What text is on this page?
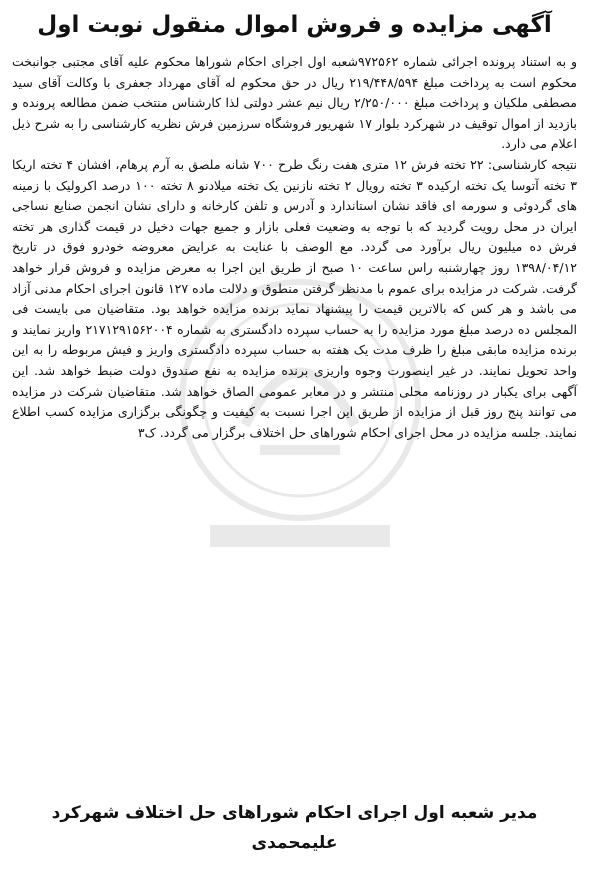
آگهی مزایده و فروش اموال منقول نوبت اول

و به استناد پرونده اجرائی شماره ۹۷۲۵۶۲شعبه اول اجرای احکام شوراها محکوم علیه آقای مجتبی جوانبخت محکوم است به پرداخت مبلغ ۲۱۹/۴۴۸/۵۹۴ ریال در حق محکوم له آقای مهرداد جعفری با وکالت آقای سید مصطفی ملکیان و پرداخت مبلغ ۲/۲۵۰/۰۰۰ ریال نیم عشر دولتی لذا کارشناس منتخب ضمن مطالعه پرونده و بازدید از اموال توقیف در شهرکرد بلوار ۱۷ شهریور فروشگاه سرزمین فرش نظریه کارشناسی را به شرح ذیل اعلام می دارد.

نتیجه کارشناسی: ۲۲ تخته فرش ۱۲ متری هفت رنگ طرح ۷۰۰ شانه ملصق به آرم پرهام، افشان ۴ تخته اریکا ۳ تخته آتوسا یک تخته ارکیده ۳ تخته رویال ۲ تخته نازنین یک تخته میلادنو ۸ تخته ۱۰۰ درصد اکرولیک با زمینه های گردوئی و سورمه ای فاقد نشان استاندارد و آدرس و تلفن کارخانه و دارای نشان انجمن صنایع نساجی ایران در محل رویت گردید که با توجه به وضعیت فعلی بازار و جمیع جهات دخیل در قیمت گذاری هر تخته فرش ده میلیون ریال برآورد می گردد. مع الوصف با عنایت به عرایض معروضه خودرو فوق در تاریخ ۱۳۹۸/۰۴/۱۲ روز چهارشنبه راس ساعت ۱۰ صبح از طریق این اجرا به معرض مزایده و فروش قرار خواهد گرفت. شرکت در مزایده برای عموم با مدنظر گرفتن منطوق و دلالت ماده ۱۲۷ قانون اجرای احکام مدنی آزاد می باشد و هر کس که بالاترین قیمت را پیشنهاد نماید برنده مزایده خواهد بود. متقاضیان می بایست فی المجلس ده درصد مبلغ مورد مزایده را به حساب سپرده دادگستری به شماره ۲۱۷۱۲۹۱۵۶۲۰۰۴ واریز نمایند و برنده مزایده مابقی مبلغ را ظرف مدت یک هفته به حساب سپرده دادگستری واریز و فیش مربوطه را به این واحد تحویل نمایند. در غیر اینصورت وجوه واریزی برنده مزایده به نفع صندوق دولت ضبط خواهد شد. این آگهی برای یکبار در روزنامه محلی منتشر و در معابر عمومی الصاق خواهد شد. متقاضیان شرکت در مزایده می توانند پنج روز قبل از مزایده از طریق این اجرا نسبت به کیفیت و چگونگی برگزاری مزایده کسب اطلاع نمایند. جلسه مزایده در محل اجرای احکام شوراهای حل اختلاف برگزار می گردد. ک۳

مدیر شعبه اول اجرای احکام شوراهای حل اختلاف شهرکرد
علیمحمدی
